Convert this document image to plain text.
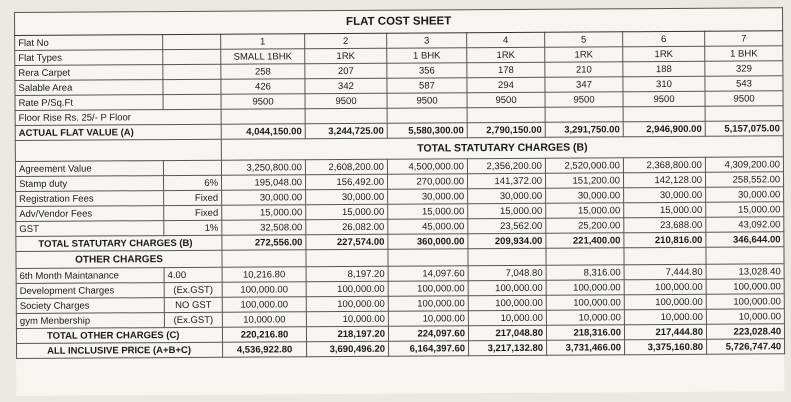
FLAT COST SHEET								
Flat No		1	2	3	4	5	6	7
Flat Types		SMALL 1BHK	1RK	1 BHK	1RK	1RK	1RK	1 BHK
Rera Carpet		258	207	356	178	210	188	329
Salable Area		426	342	587	294	347	310	543
Rate P/Sq.Ft		9500	9500	9500	9500	9500	9500	9500
Floor Rise Rs. 25/- P Floor								
ACTUAL FLAT VALUE (A)		4,044,150.00	3,244,725.00	5,580,300.00	2,790,150.00	3,291,750.00	2,946,900.00	5,157,075.00
		TOTAL STATUTARY CHARGES (B)						
Agreement Value		3,250,800.00	2,608,200.00	4,500,000.00	2,356,200.00	2,520,000.00	2,368,800.00	4,309,200.00
Stamp duty	6%	195,048.00	156,492.00	270,000.00	141,372.00	151,200.00	142,128.00	258,552.00
Registration Fees	Fixed	30,000.00	30,000.00	30,000.00	30,000.00	30,000.00	30,000.00	30,000.00
Adv/Vendor Fees	Fixed	15,000.00	15,000.00	15,000.00	15,000.00	15,000.00	15,000.00	15,000.00
GST	1%	32,508.00	26,082.00	45,000.00	23,562.00	25,200.00	23,688.00	43,092.00
TOTAL STATUTARY CHARGES (B)		272,556.00	227,574.00	360,000.00	209,934.00	221,400.00	210,816.00	346,644.00
OTHER CHARGES								
6th Month Maintanance	4.00	10,216.80	8,197.20	14,097.60	7,048.80	8,316.00	7,444.80	13,028.40
Development Charges	(Ex.GST)	100,000.00	100,000.00	100,000.00	100,000.00	100,000.00	100,000.00	100,000.00
Society Charges	NO GST	100,000.00	100,000.00	100,000.00	100,000.00	100,000.00	100,000.00	100,000.00
gym Menbership	(Ex.GST)	10,000.00	10,000.00	10,000.00	10,000.00	10,000.00	10,000.00	10,000.00
TOTAL OTHER CHARGES (C)		220,216.80	218,197.20	224,097.60	217,048.80	218,316.00	217,444.80	223,028.40
ALL INCLUSIVE PRICE (A+B+C)		4,536,922.80	3,690,496.20	6,164,397.60	3,217,132.80	3,731,466.00	3,375,160.80	5,726,747.40
